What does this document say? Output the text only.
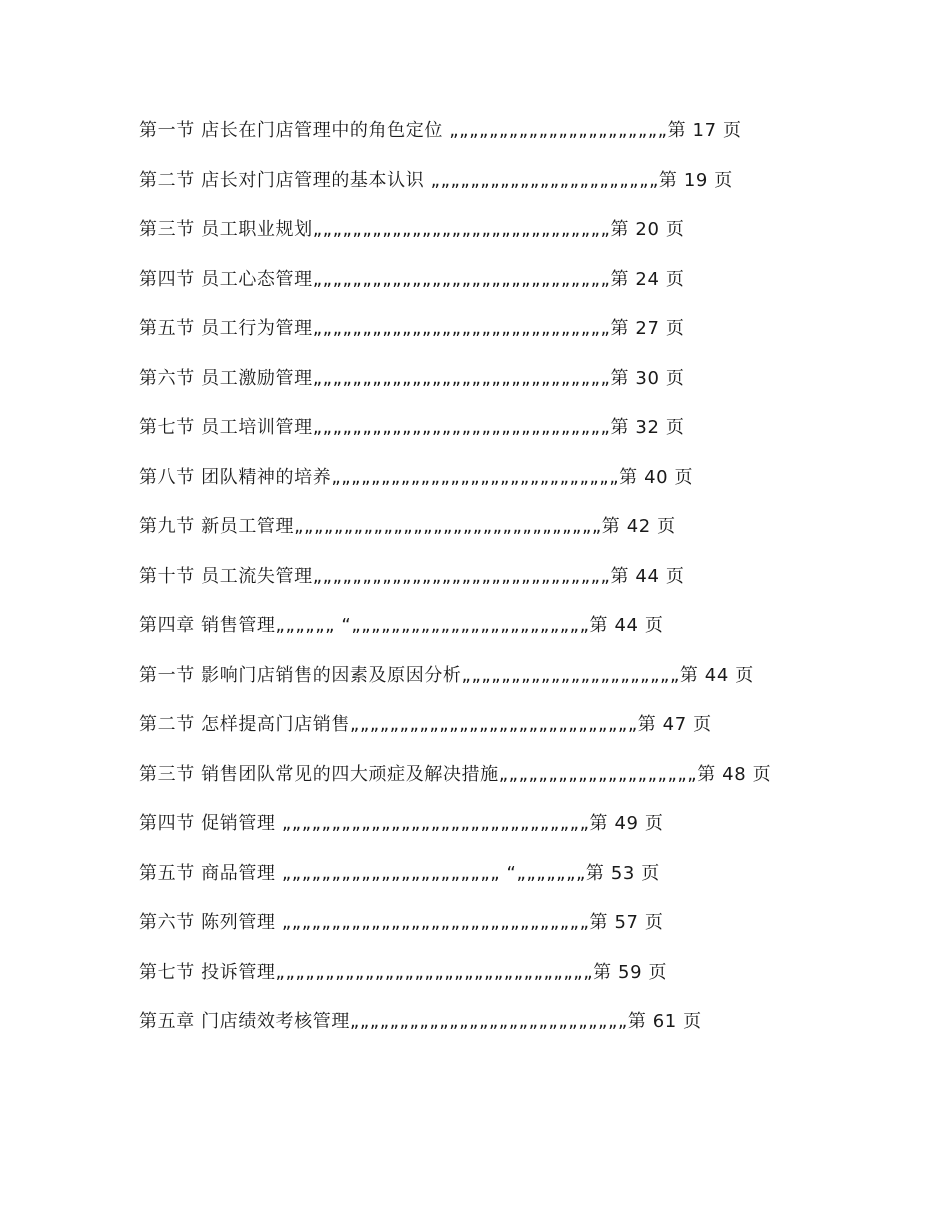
第一节 店长在门店管理中的角色定位 „„„„„„„„„„„„„„„„„„„„„„第 17 页
第二节 店长对门店管理的基本认识 „„„„„„„„„„„„„„„„„„„„„„„第 19 页
第三节 员工职业规划„„„„„„„„„„„„„„„„„„„„„„„„„„„„„„第 20 页
第四节 员工心态管理„„„„„„„„„„„„„„„„„„„„„„„„„„„„„„第 24 页
第五节 员工行为管理„„„„„„„„„„„„„„„„„„„„„„„„„„„„„„第 27 页
第六节 员工激励管理„„„„„„„„„„„„„„„„„„„„„„„„„„„„„„第 30 页
第七节 员工培训管理„„„„„„„„„„„„„„„„„„„„„„„„„„„„„„第 32 页
第八节 团队精神的培养„„„„„„„„„„„„„„„„„„„„„„„„„„„„„第 40 页
第九节 新员工管理„„„„„„„„„„„„„„„„„„„„„„„„„„„„„„„第 42 页
第十节 员工流失管理„„„„„„„„„„„„„„„„„„„„„„„„„„„„„„第 44 页
第四章 销售管理„„„„„„ “„„„„„„„„„„„„„„„„„„„„„„„„第 44 页
第一节 影响门店销售的因素及原因分析„„„„„„„„„„„„„„„„„„„„„„第 44 页
第二节 怎样提高门店销售„„„„„„„„„„„„„„„„„„„„„„„„„„„„„第 47 页
第三节 销售团队常见的四大顽症及解决措施„„„„„„„„„„„„„„„„„„„„第 48 页
第四节 促销管理 „„„„„„„„„„„„„„„„„„„„„„„„„„„„„„„第 49 页
第五节 商品管理 „„„„„„„„„„„„„„„„„„„„„„ “„„„„„„„第 53 页
第六节 陈列管理 „„„„„„„„„„„„„„„„„„„„„„„„„„„„„„„第 57 页
第七节 投诉管理„„„„„„„„„„„„„„„„„„„„„„„„„„„„„„„„第 59 页
第五章 门店绩效考核管理„„„„„„„„„„„„„„„„„„„„„„„„„„„„第 61 页
